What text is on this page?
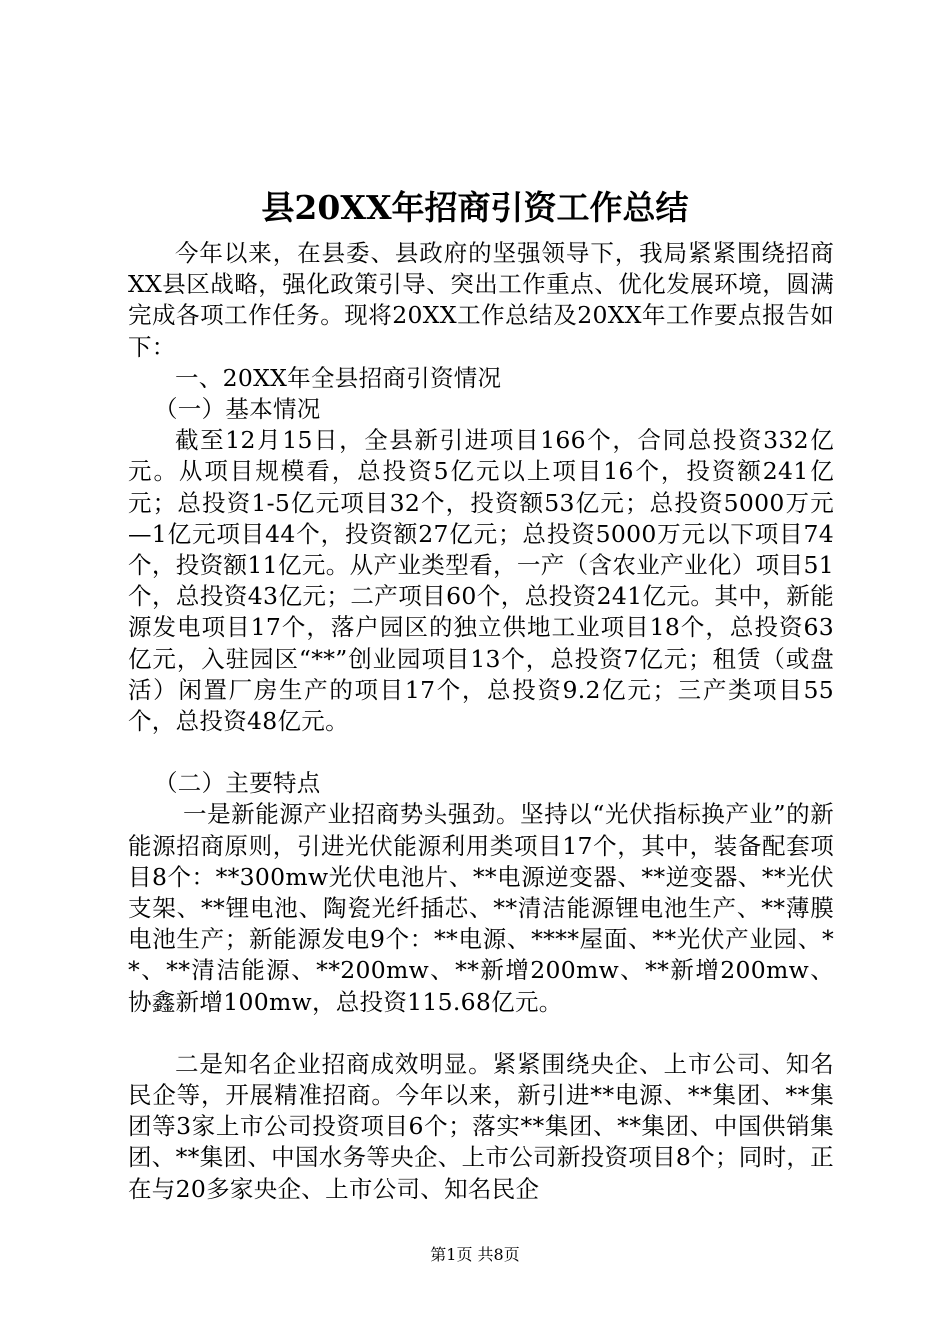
县20XX年招商引资工作总结

今年以来，在县委、县政府的坚强领导下，我局紧紧围绕招商XX县区战略，强化政策引导、突出工作重点、优化发展环境，圆满完成各项工作任务。现将20XX工作总结及20XX年工作要点报告如下：

一、20XX年全县招商引资情况

（一）基本情况

截至12月15日，全县新引进项目166个，合同总投资332亿元。从项目规模看，总投资5亿元以上项目16个，投资额241亿元；总投资1-5亿元项目32个，投资额53亿元；总投资5000万元—1亿元项目44个，投资额27亿元；总投资5000万元以下项目74个，投资额11亿元。从产业类型看，一产（含农业产业化）项目51个，总投资43亿元；二产项目60个，总投资241亿元。其中，新能源发电项目17个，落户园区的独立供地工业项目18个，总投资63亿元，入驻园区“**”创业园项目13个，总投资7亿元；租赁（或盘活）闲置厂房生产的项目17个，总投资9.2亿元；三产类项目55个，总投资48亿元。

（二）主要特点

一是新能源产业招商势头强劲。坚持以“光伏指标换产业”的新能源招商原则，引进光伏能源利用类项目17个，其中，装备配套项目8个：**300mw光伏电池片、**电源逆变器、**逆变器、**光伏支架、**锂电池、陶瓷光纤插芯、**清洁能源锂电池生产、**薄膜电池生产；新能源发电9个：**电源、****屋面、**光伏产业园、**、**清洁能源、**200mw、**新增200mw、**新增200mw、协鑫新增100mw，总投资115.68亿元。

二是知名企业招商成效明显。紧紧围绕央企、上市公司、知名民企等，开展精准招商。今年以来，新引进**电源、**集团、**集团等3家上市公司投资项目6个；落实**集团、**集团、中国供销集团、**集团、中国水务等央企、上市公司新投资项目8个；同时，正在与20多家央企、上市公司、知名民企

第1页 共8页
